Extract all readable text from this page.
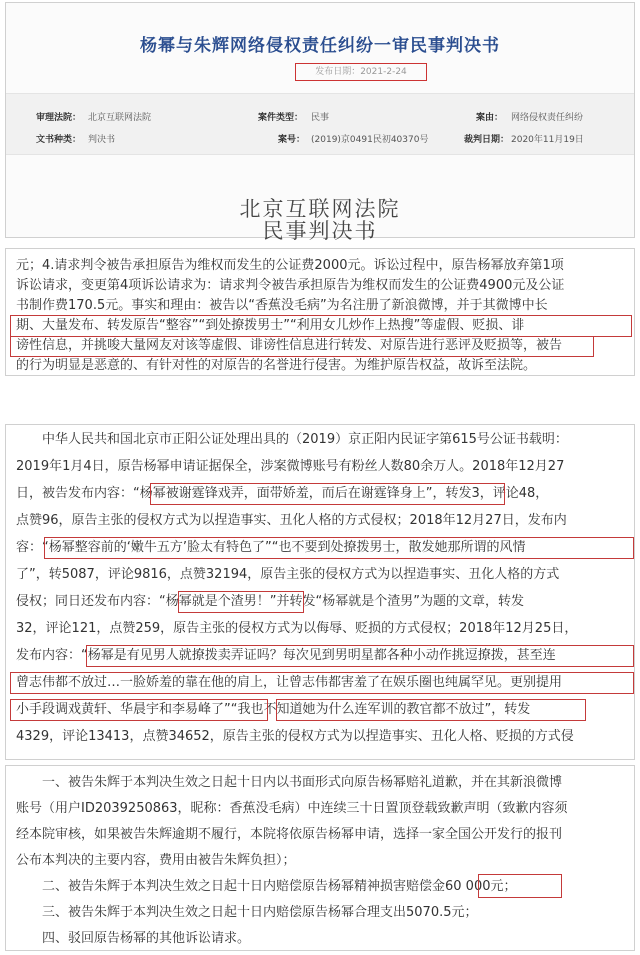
杨幂与朱辉网络侵权责任纠纷一审民事判决书
发布日期：2021-2-24
审理法院： 北京互联网法院	案件类型： 民事	案由： 网络侵权责任纠纷
文书种类： 判决书	案号： (2019)京0491民初40370号	裁判日期： 2020年11月19日
北京互联网法院
民事判决书
元；4.请求判令被告承担原告为维权而发生的公证费2000元。诉讼过程中，原告杨幂放弃第1项
诉讼请求，变更第4项诉讼请求为：请求判令被告承担原告为维权而发生的公证费4900元及公证
书制作费170.5元。事实和理由：被告以“香蕉没毛病”为名注册了新浪微博，并于其微博中长
期、大量发布、转发原告“整容”“到处撩拨男士”“利用女儿炒作上热搜”等虚假、贬损、诽
谤性信息，并挑唆大量网友对该等虚假、诽谤性信息进行转发、对原告进行恶评及贬损等，被告
的行为明显是恶意的、有针对性的对原告的名誉进行侵害。为维护原告权益，故诉至法院。
　　中华人民共和国北京市正阳公证处理出具的（2019）京正阳内民证字第615号公证书载明：
2019年1月4日，原告杨幂申请证据保全，涉案微博账号有粉丝人数80余万人。2018年12月27
日，被告发布内容：“杨幂被谢霆锋戏弄，面带娇羞，而后在谢霆锋身上”，转发3，评论48，
点赞96，原告主张的侵权方式为以捏造事实、丑化人格的方式侵权；2018年12月27日，发布内
容：“杨幂整容前的‘嫩牛五方’脸太有特色了”“也不要到处撩拨男士，散发她那所谓的风情
了”，转5087，评论9816，点赞32194，原告主张的侵权方式为以捏造事实、丑化人格的方式
侵权；同日还发布内容：“杨幂就是个渣男！”并转发“杨幂就是个渣男”为题的文章，转发
32，评论121，点赞259，原告主张的侵权方式为以侮辱、贬损的方式侵权；2018年12月25日，
发布内容：“杨幂是有见男人就撩拨卖弄证吗？每次见到男明星都各种小动作挑逗撩拨，甚至连
曾志伟都不放过…一脸娇羞的靠在他的肩上，让曾志伟都害羞了在娱乐圈也纯属罕见。更别提用
小手段调戏黄轩、华晨宇和李易峰了”“我也不知道她为什么连军训的教官都不放过”，转发
4329，评论13413，点赞34652，原告主张的侵权方式为以捏造事实、丑化人格、贬损的方式侵
　　一、被告朱辉于本判决生效之日起十日内以书面形式向原告杨幂赔礼道歉，并在其新浪微博
账号（用户ID2039250863，昵称：香蕉没毛病）中连续三十日置顶登载致歉声明（致歉内容须
经本院审核，如果被告朱辉逾期不履行，本院将依原告杨幂申请，选择一家全国公开发行的报刊
公布本判决的主要内容，费用由被告朱辉负担）；
　　二、被告朱辉于本判决生效之日起十日内赔偿原告杨幂精神损害赔偿金60 000元；
　　三、被告朱辉于本判决生效之日起十日内赔偿原告杨幂合理支出5070.5元；
　　四、驳回原告杨幂的其他诉讼请求。
